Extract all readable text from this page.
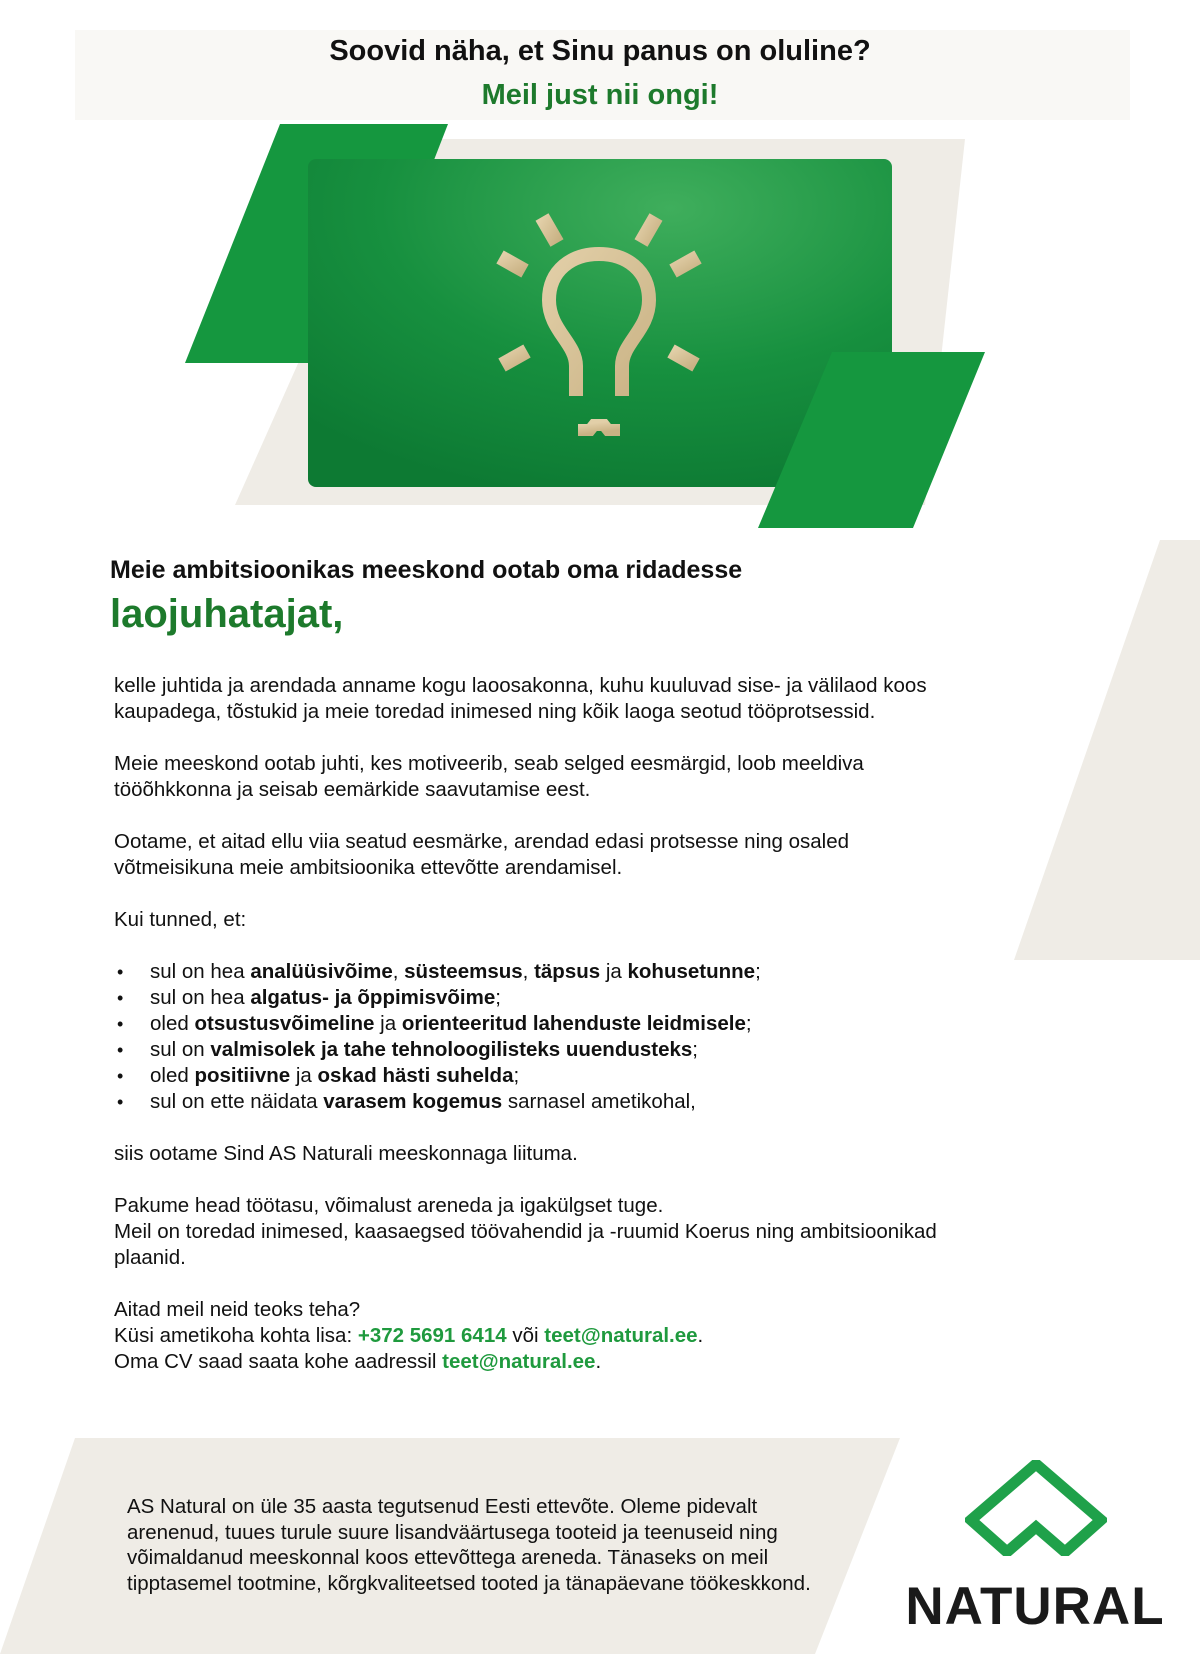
Soovid näha, et Sinu panus on oluline?
Meil just nii ongi!
Meie ambitsioonikas meeskond ootab oma ridadesse
laojuhatajat,

kelle juhtida ja arendada anname kogu laoosakonna, kuhu kuuluvad sise- ja välilaod koos kaupadega, tõstukid ja meie toredad inimesed ning kõik laoga seotud tööprotsessid.

Meie meeskond ootab juhti, kes motiveerib, seab selged eesmärgid, loob meeldiva tööõhkkonna ja seisab eemärkide saavutamise eest.

Ootame, et aitad ellu viia seatud eesmärke, arendad edasi protsesse ning osaled võtmeisikuna meie ambitsioonika ettevõtte arendamisel.

Kui tunned, et:

• sul on hea analüüsivõime, süsteemsus, täpsus ja kohusetunne;
• sul on hea algatus- ja õppimisvõime;
• oled otsustusvõimeline ja orienteeritud lahenduste leidmisele;
• sul on valmisolek ja tahe tehnoloogilisteks uuendusteks;
• oled positiivne ja oskad hästi suhelda;
• sul on ette näidata varasem kogemus sarnasel ametikohal,

siis ootame Sind AS Naturali meeskonnaga liituma.

Pakume head töötasu, võimalust areneda ja igakülgset tuge.
Meil on toredad inimesed, kaasaegsed töövahendid ja -ruumid Koerus ning ambitsioonikad plaanid.

Aitad meil neid teoks teha?
Küsi ametikoha kohta lisa: +372 5691 6414 või teet@natural.ee.
Oma CV saad saata kohe aadressil teet@natural.ee.

AS Natural on üle 35 aasta tegutsenud Eesti ettevõte. Oleme pidevalt arenenud, tuues turule suure lisandväärtusega tooteid ja teenuseid ning võimaldanud meeskonnal koos ettevõttega areneda. Tänaseks on meil tipptasemel tootmine, kõrgkvaliteetsed tooted ja tänapäevane töökeskkond.	NATURAL
